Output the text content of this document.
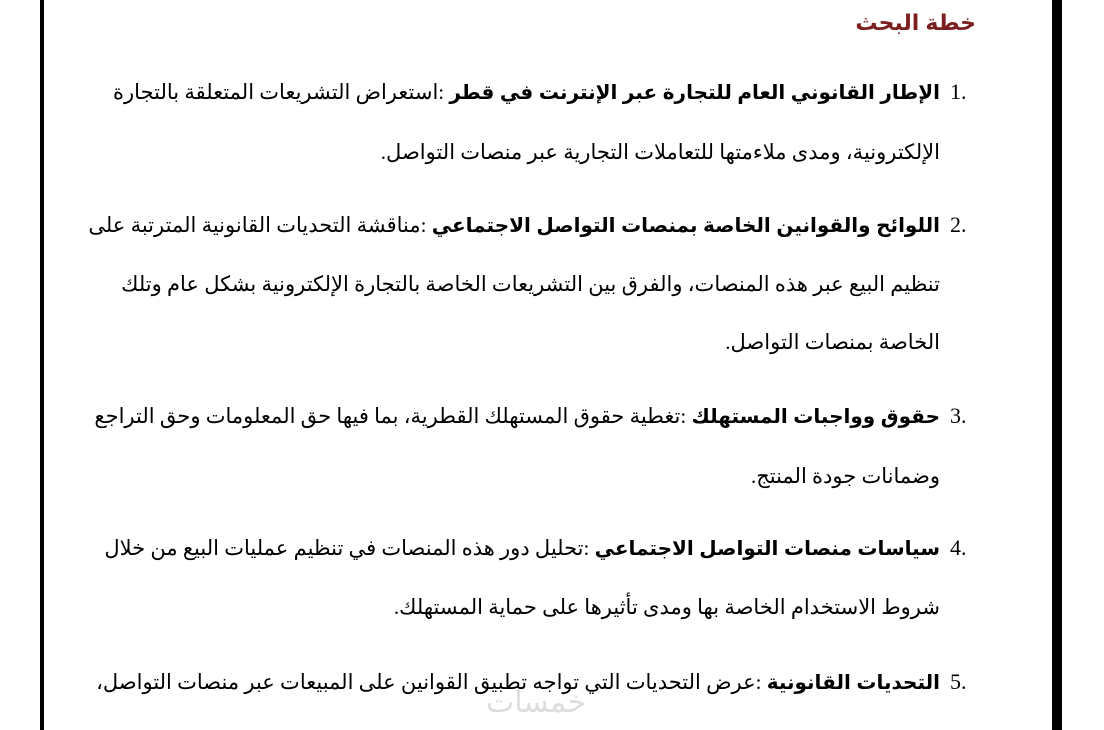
خطة البحث
1.
الإطار القانوني العام للتجارة عبر الإنترنت في قطر :استعراض التشريعات المتعلقة بالتجارة
الإلكترونية، ومدى ملاءمتها للتعاملات التجارية عبر منصات التواصل.
2.
اللوائح والقوانين الخاصة بمنصات التواصل الاجتماعي :مناقشة التحديات القانونية المترتبة على
تنظيم البيع عبر هذه المنصات، والفرق بين التشريعات الخاصة بالتجارة الإلكترونية بشكل عام وتلك
الخاصة بمنصات التواصل.
3.
حقوق وواجبات المستهلك :تغطية حقوق المستهلك القطرية، بما فيها حق المعلومات وحق التراجع
وضمانات جودة المنتج.
4.
سياسات منصات التواصل الاجتماعي :تحليل دور هذه المنصات في تنظيم عمليات البيع من خلال
شروط الاستخدام الخاصة بها ومدى تأثيرها على حماية المستهلك.
5.
التحديات القانونية :عرض التحديات التي تواجه تطبيق القوانين على المبيعات عبر منصات التواصل،
خمسات
